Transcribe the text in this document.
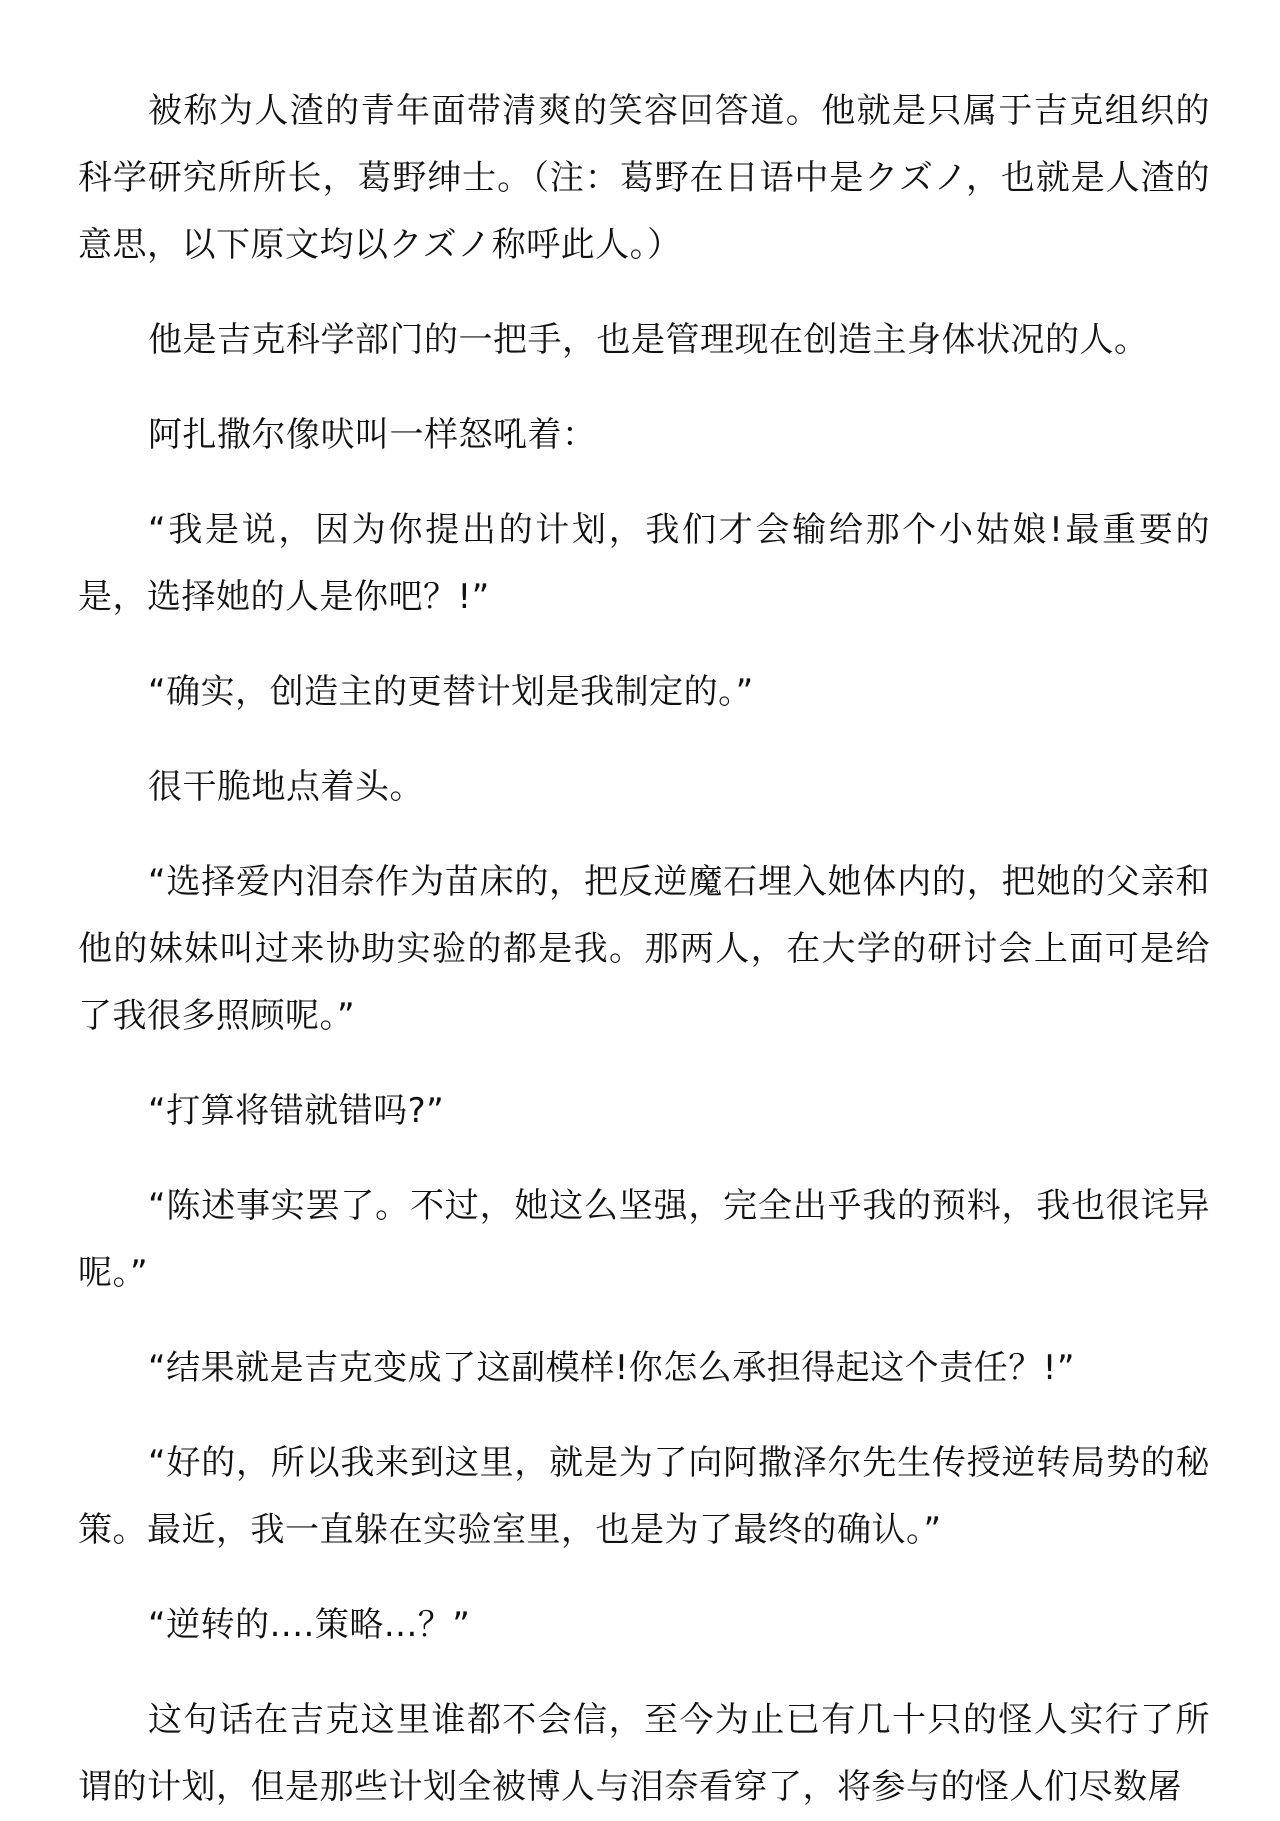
被称为人渣的青年面带清爽的笑容回答道。他就是只属于吉克组织的科学研究所所长，葛野绅士。（注：葛野在日语中是クズノ，也就是人渣的意思，以下原文均以クズノ称呼此人。）

他是吉克科学部门的一把手，也是管理现在创造主身体状况的人。

阿扎撒尔像吠叫一样怒吼着：

“我是说，因为你提出的计划，我们才会输给那个小姑娘!最重要的是，选择她的人是你吧？!”

“确实，创造主的更替计划是我制定的。”

很干脆地点着头。

“选择爱内泪奈作为苗床的，把反逆魔石埋入她体内的，把她的父亲和他的妹妹叫过来协助实验的都是我。那两人，在大学的研讨会上面可是给了我很多照顾呢。”

“打算将错就错吗?”

“陈述事实罢了。不过，她这么坚强，完全出乎我的预料，我也很诧异呢。”

“结果就是吉克变成了这副模样!你怎么承担得起这个责任？!”

“好的，所以我来到这里，就是为了向阿撒泽尔先生传授逆转局势的秘策。最近，我一直躲在实验室里，也是为了最终的确认。”

“逆转的....策略...？”

这句话在吉克这里谁都不会信，至今为止已有几十只的怪人实行了所谓的计划，但是那些计划全被博人与泪奈看穿了，将参与的怪人们尽数屠
